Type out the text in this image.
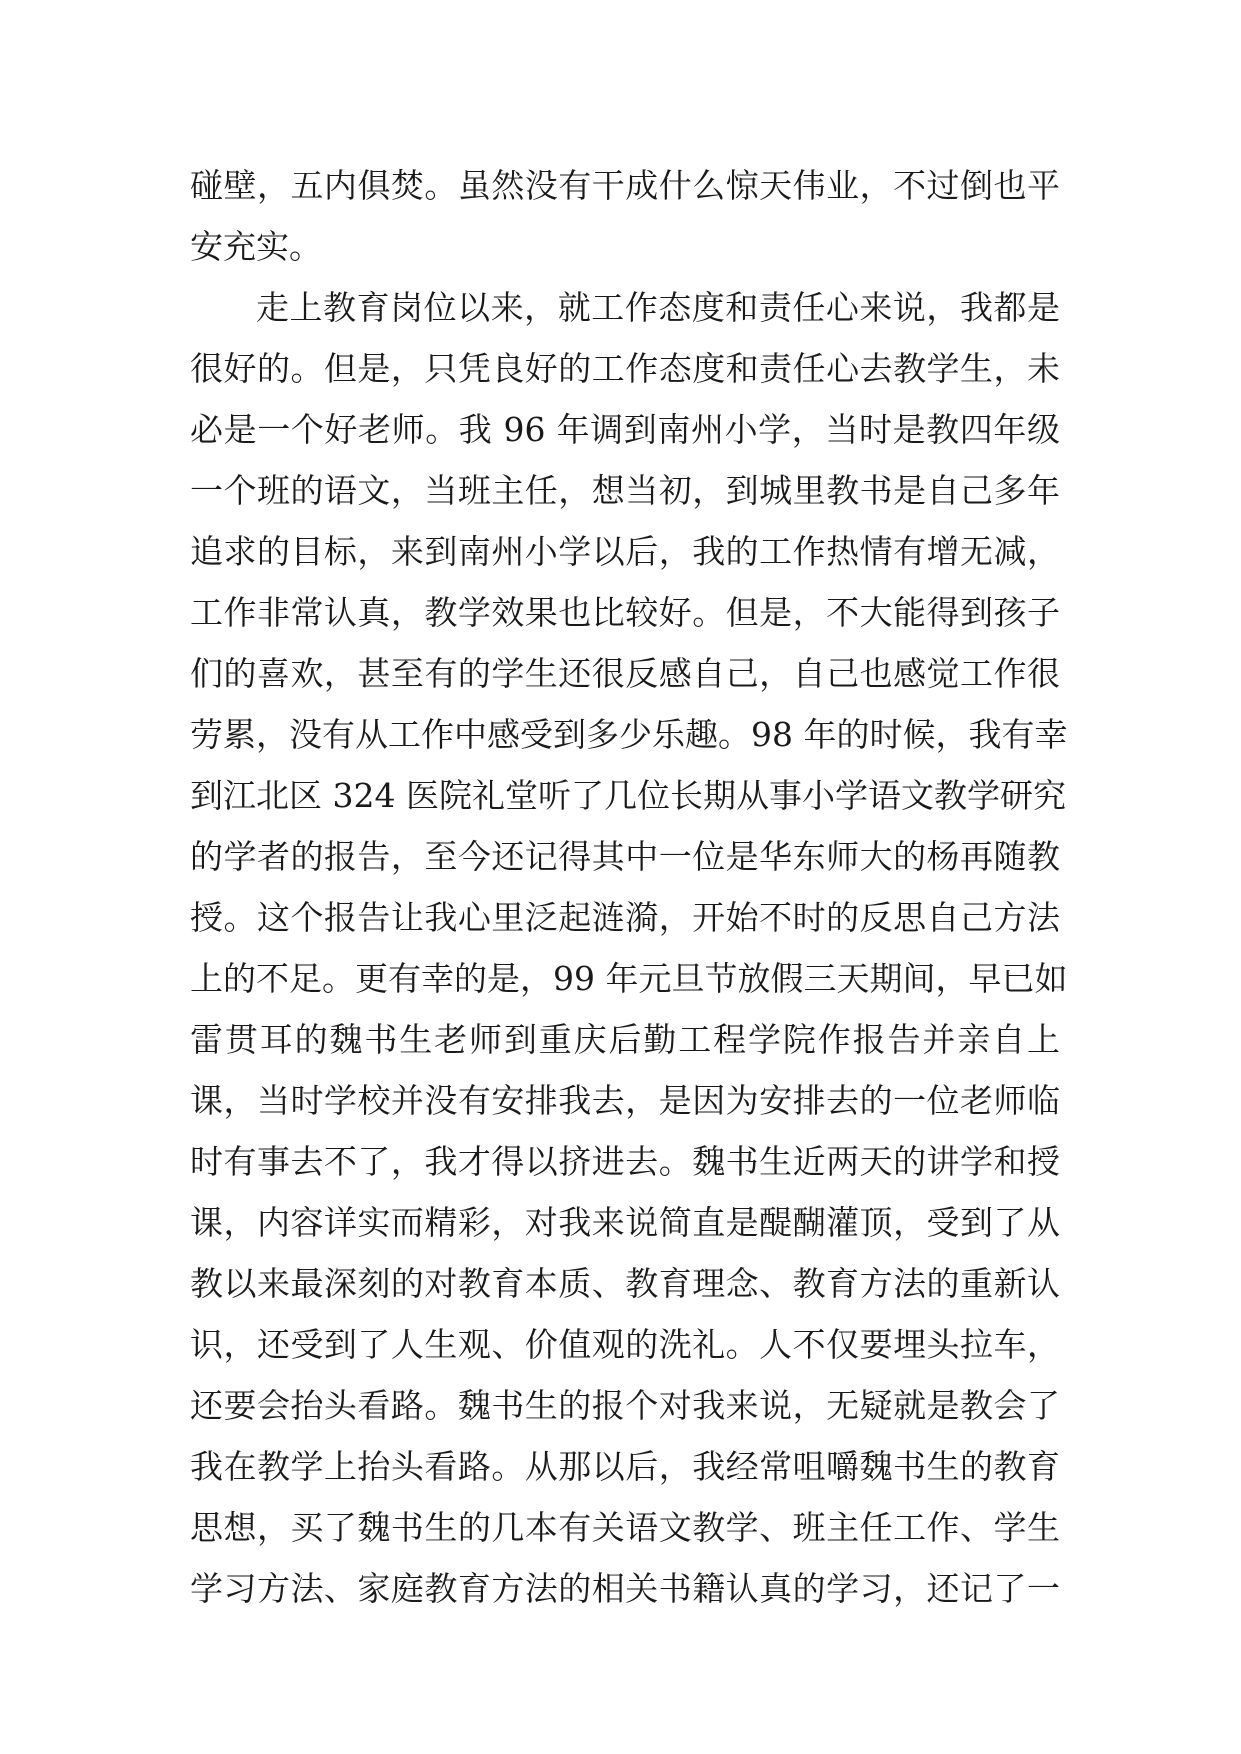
碰壁，五内俱焚。虽然没有干成什么惊天伟业，不过倒也平
安充实。
走上教育岗位以来，就工作态度和责任心来说，我都是
很好的。但是，只凭良好的工作态度和责任心去教学生，未
必是一个好老师。我 96 年调到南州小学，当时是教四年级
一个班的语文，当班主任，想当初，到城里教书是自己多年
追求的目标，来到南州小学以后，我的工作热情有增无减，
工作非常认真，教学效果也比较好。但是，不大能得到孩子
们的喜欢，甚至有的学生还很反感自己，自己也感觉工作很
劳累，没有从工作中感受到多少乐趣。98 年的时候，我有幸
到江北区 324 医院礼堂听了几位长期从事小学语文教学研究
的学者的报告，至今还记得其中一位是华东师大的杨再随教
授。这个报告让我心里泛起涟漪，开始不时的反思自己方法
上的不足。更有幸的是，99 年元旦节放假三天期间，早已如
雷贯耳的魏书生老师到重庆后勤工程学院作报告并亲自上
课，当时学校并没有安排我去，是因为安排去的一位老师临
时有事去不了，我才得以挤进去。魏书生近两天的讲学和授
课，内容详实而精彩，对我来说简直是醍醐灌顶，受到了从
教以来最深刻的对教育本质、教育理念、教育方法的重新认
识，还受到了人生观、价值观的洗礼。人不仅要埋头拉车，
还要会抬头看路。魏书生的报个对我来说，无疑就是教会了
我在教学上抬头看路。从那以后，我经常咀嚼魏书生的教育
思想，买了魏书生的几本有关语文教学、班主任工作、学生
学习方法、家庭教育方法的相关书籍认真的学习，还记了一
